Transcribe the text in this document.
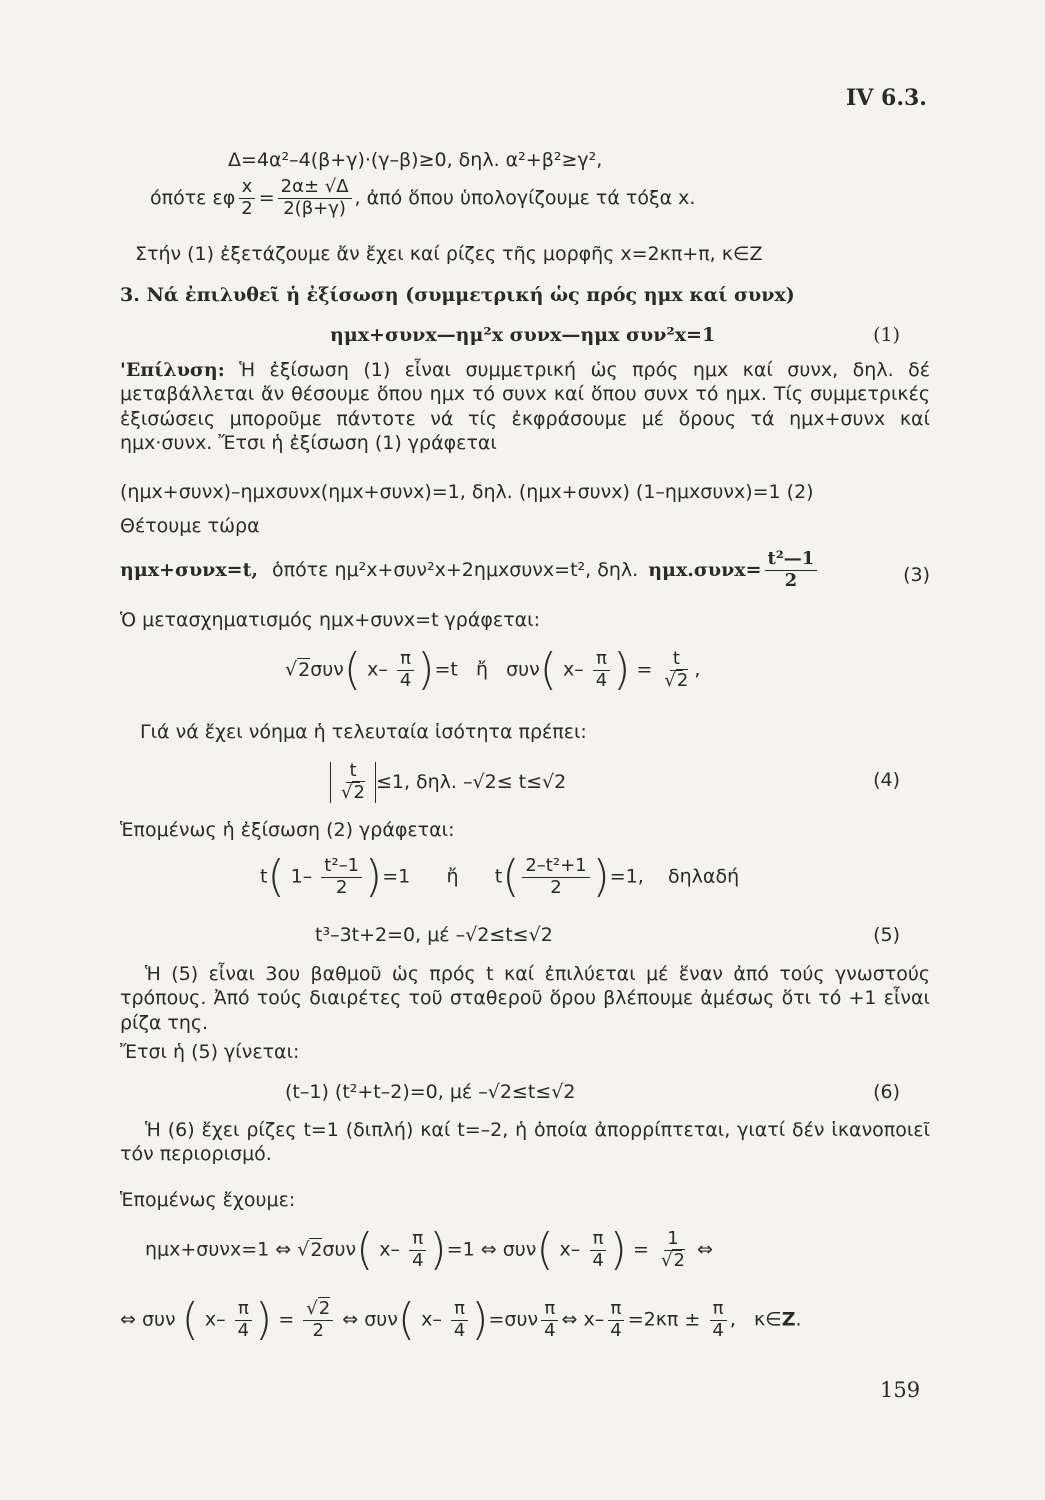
IV 6.3.
Δ=4α²–4(β+γ)·(γ–β)≥0, δηλ. α²+β²≥γ²,
όπότε εφ $\frac{x}{2} = \frac{2\alpha\pm √\Delta}{2(\beta+\gamma)}$ , ἀπό ὅπου ὑπολογίζουμε τά τόξα x.
Στήν (1) ἐξετάζουμε ἄν ἔχει καί ρίζες τῆς μορφῆς x=2κπ+π, κ∈Z
3. Νά ἐπιλυθεῖ ἡ ἐξίσωση (συμμετρική ὡς πρός ημx καί συνx)
ημx+συνx—ημ²x συνx—ημx συν²x=1	(1)
'Επίλυση: Ἡ ἐξίσωση (1) εἶναι συμμετρική ὡς πρός ημx καί συνx, δηλ. δέ μεταβάλλεται ἄν θέσουμε ὅπου ημx τό συνx καί ὅπου συνx τό ημx. Τίς συμμετρικές ἐξισώσεις μποροῦμε πάντοτε νά τίς ἐκφράσουμε μέ ὅρους τά ημx+συνx καί ημx·συνx. Ἔτσι ἡ ἐξίσωση (1) γράφεται
(ημx+συνx)–ημxσυνx(ημx+συνx)=1, δηλ. (ημx+συνx) (1–ημxσυνx)=1 (2)
Θέτουμε τώρα
ημx+συνx=t, ὁπότε ημ²x+συν²x+2ημxσυνx=t², δηλ. $\eta\mu x.\sigma\upsilon\nu x= \frac{\text{t²—1}}{2}$	(3)
Ὁ μετασχηματισμός ημx+συνx=t γράφεται:
√2συν( $x- \frac{\pi}{4} )=t$   ἤ   συν( $x- \frac{\pi}{4}$ ) = $\frac{t}{√2}$ ,
Γιά νά ἔχει νόημα ἡ τελευταία ἰσότητα πρέπει:
$\frac{t}{√2} \le 1$, δηλ. –√2≤ t≤√2	(4)
Ἑπομένως ἡ ἐξίσωση (2) γράφεται:
t( $1- \frac{\text{t²–1}}{2} )=1$      ἤ      $t( \frac{\text{2–t²+1}}{2} )=1$,    δηλαδή
t³–3t+2=0, μέ –√2≤t≤√2	(5)
Ἡ (5) εἶναι 3ου βαθμοῦ ὡς πρός t καί ἐπιλύεται μέ ἕναν ἀπό τούς γνωστούς τρόπους. Ἀπό τούς διαιρέτες τοῦ σταθεροῦ ὅρου βλέπουμε ἀμέσως ὅτι τό +1 εἶναι ρίζα της.
Ἔτσι ἡ (5) γίνεται:
(t–1) (t²+t–2)=0, μέ –√2≤t≤√2	(6)
Ἡ (6) ἔχει ρίζες t=1 (διπλή) καί t=–2, ἡ ὁποία ἀπορρίπτεται, γιατί δέν ἱκανοποιεῖ τόν περιορισμό.
Ἑπομένως ἔχουμε:
ημx+συνx=1 ⇔ √2συν( $x- \frac{\pi}{4} )=1$ ⇔ συν( $x- \frac{\pi}{4}$ ) = $\frac{1}{√2}$ ⇔
⇔ συν ( $x- \frac{\pi}{4}$ ) = $\frac{√2}{2}$ ⇔ συν( $x- \frac{\pi}{4} )=\sigma\upsilon\nu \frac{\pi}{4}$ ⇔ $x- \frac{\pi}{4} =2\kappa\pi \pm \frac{\pi}{4}$ ,   κ∈Z.
159
